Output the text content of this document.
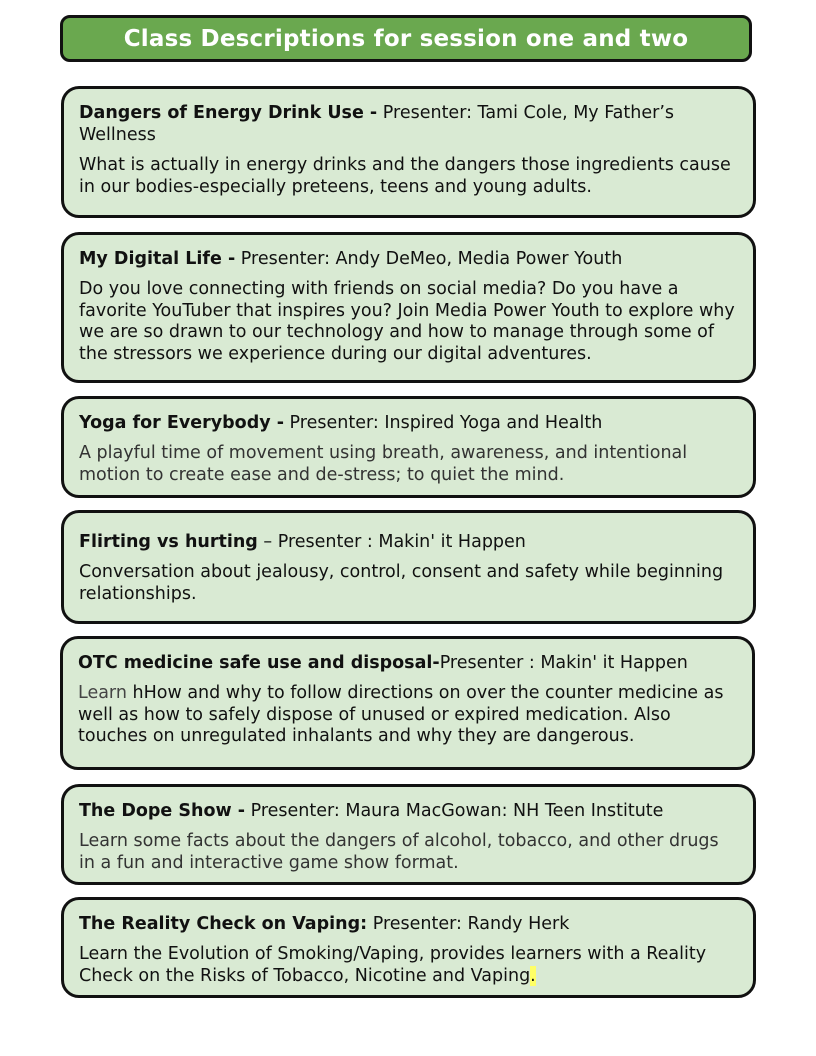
Class Descriptions for session one and two

Dangers of Energy Drink Use - Presenter: Tami Cole, My Father’s Wellness

What is actually in energy drinks and the dangers those ingredients cause in our bodies-especially preteens, teens and young adults.

My Digital Life - Presenter: Andy DeMeo, Media Power Youth

Do you love connecting with friends on social media? Do you have a favorite YouTuber that inspires you? Join Media Power Youth to explore why we are so drawn to our technology and how to manage through some of the stressors we experience during our digital adventures.

Yoga for Everybody - Presenter: Inspired Yoga and Health

A playful time of movement using breath, awareness, and intentional motion to create ease and de-stress; to quiet the mind.

Flirting vs hurting – Presenter : Makin' it Happen

Conversation about jealousy, control, consent and safety while beginning relationships.

OTC medicine safe use and disposal-Presenter : Makin' it Happen

Learn hHow and why to follow directions on over the counter medicine as well as how to safely dispose of unused or expired medication. Also touches on unregulated inhalants and why they are dangerous.

The Dope Show - Presenter: Maura MacGowan: NH Teen Institute

Learn some facts about the dangers of alcohol, tobacco, and other drugs in a fun and interactive game show format.

The Reality Check on Vaping: Presenter: Randy Herk

Learn the Evolution of Smoking/Vaping, provides learners with a Reality Check on the Risks of Tobacco, Nicotine and Vaping.
